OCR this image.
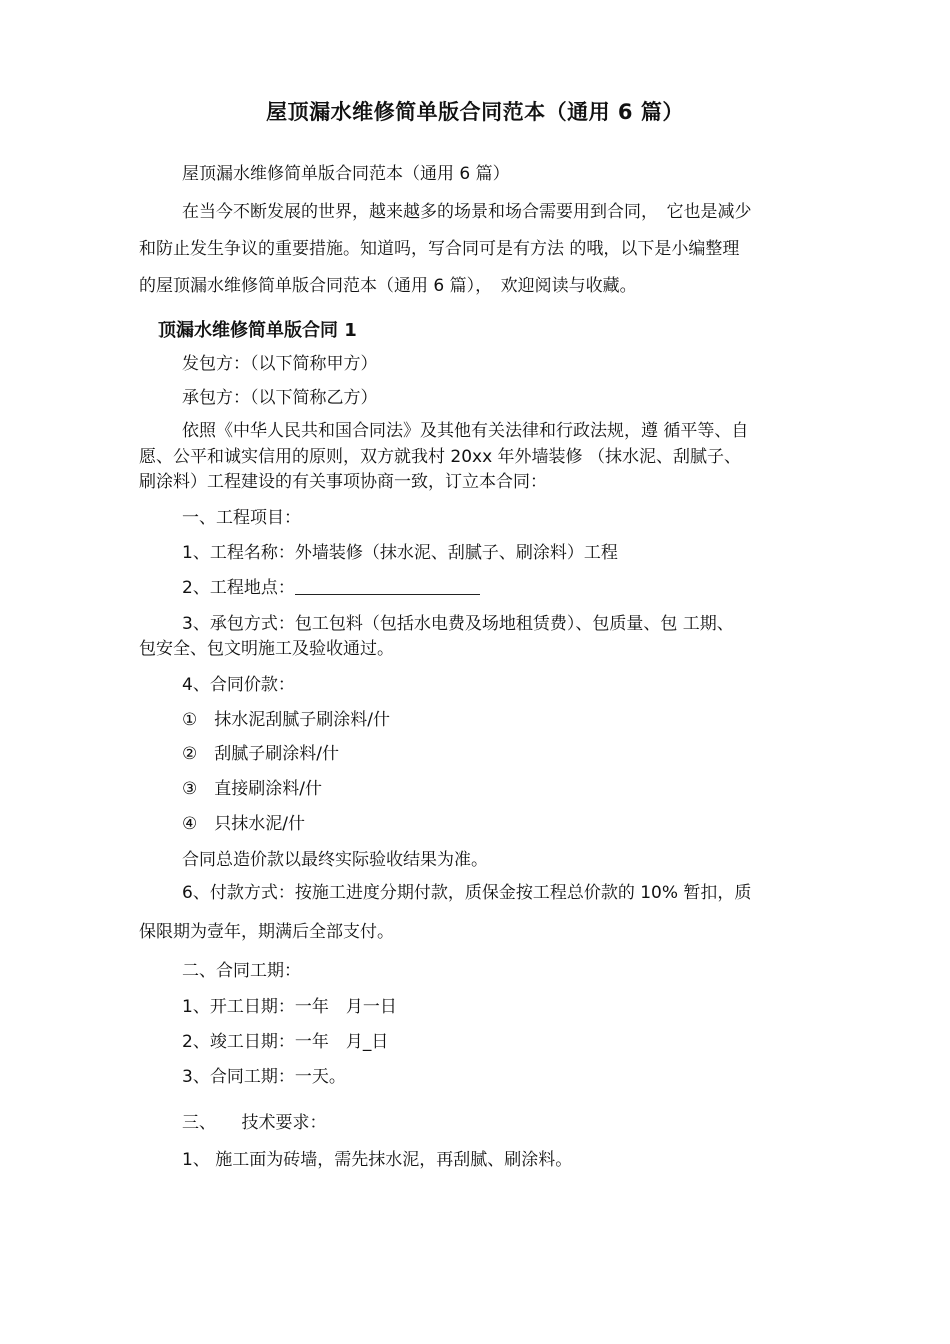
屋顶漏水维修简单版合同范本（通用 6 篇）
屋顶漏水维修简单版合同范本（通用 6 篇）
在当今不断发展的世界，越来越多的场景和场合需要用到合同，　它也是减少
和防止发生争议的重要措施。知道吗，写合同可是有方法 的哦，以下是小编整理
的屋顶漏水维修简单版合同范本（通用 6 篇），　欢迎阅读与收藏。
顶漏水维修简单版合同 1
发包方：（以下简称甲方）
承包方：（以下简称乙方）
依照《中华人民共和国合同法》及其他有关法律和行政法规，遵 循平等、自
愿、公平和诚实信用的原则，双方就我村 20xx 年外墙装修 （抹水泥、刮腻子、
刷涂料）工程建设的有关事项协商一致，订立本合同：
一、工程项目：
1、工程名称：外墙装修（抹水泥、刮腻子、刷涂料）工程
2、工程地点：
3、承包方式：包工包料（包括水电费及场地租赁费）、包质量、包 工期、
包安全、包文明施工及验收通过。
4、合同价款：
①　抹水泥刮腻子刷涂料/什
②　刮腻子刷涂料/什
③　直接刷涂料/什
④　只抹水泥/什
合同总造价款以最终实际验收结果为准。
6、付款方式：按施工进度分期付款，质保金按工程总价款的 10% 暂扣，质
保限期为壹年，期满后全部支付。
二、合同工期：
1、开工日期：一年　月一日
2、竣工日期：一年　月_日
3、合同工期：一天。
三、　　技术要求：
1、 施工面为砖墙，需先抹水泥，再刮腻、刷涂料。
